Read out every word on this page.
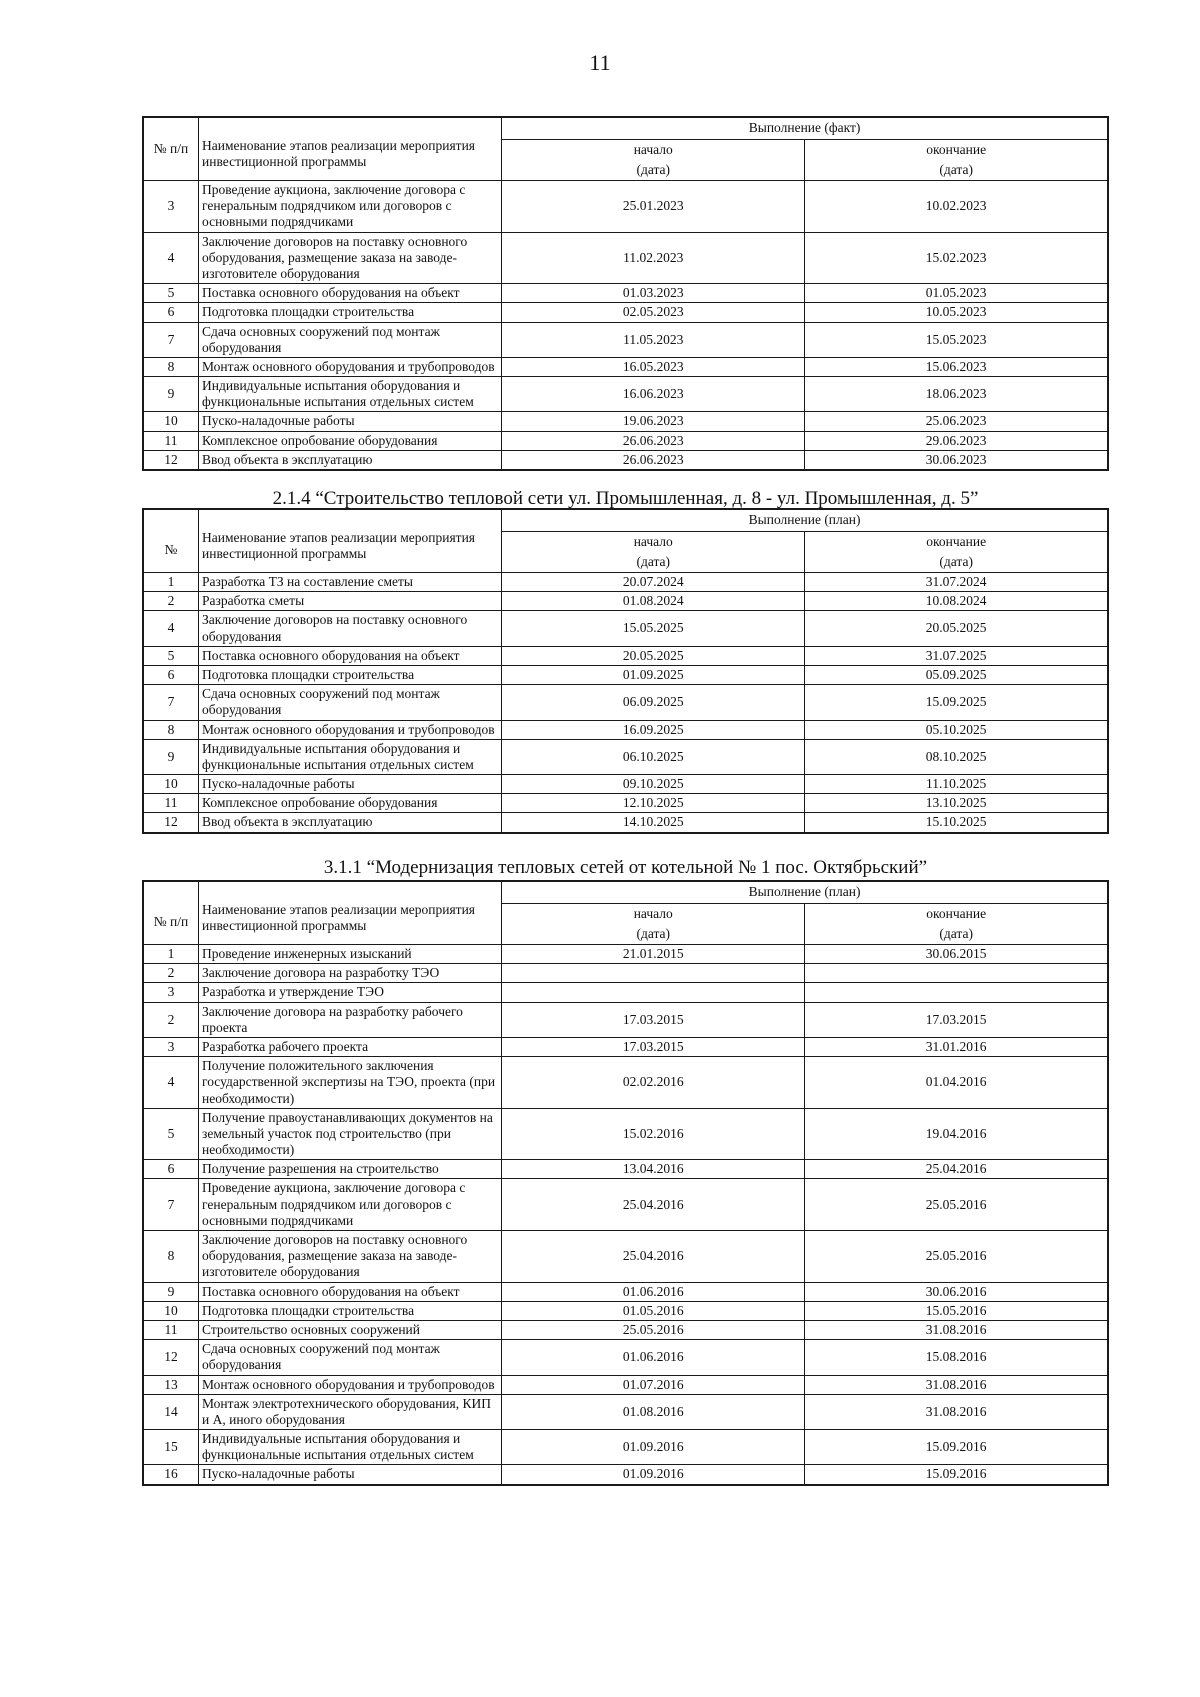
11
№ п/п	Наименование этапов реализации мероприятия инвестиционной программы	Выполнение (факт)	
		начало	окончание
		(дата)	(дата)
3	Проведение аукциона, заключение договора с генеральным подрядчиком или договоров с основными подрядчиками	25.01.2023	10.02.2023
4	Заключение договоров на поставку основного оборудования, размещение заказа на заводе-изготовителе оборудования	11.02.2023	15.02.2023
5	Поставка основного оборудования на объект	01.03.2023	01.05.2023
6	Подготовка площадки строительства	02.05.2023	10.05.2023
7	Сдача основных сооружений под монтаж оборудования	11.05.2023	15.05.2023
8	Монтаж основного оборудования и трубопроводов	16.05.2023	15.06.2023
9	Индивидуальные испытания оборудования и функциональные испытания отдельных систем	16.06.2023	18.06.2023
10	Пуско-наладочные работы	19.06.2023	25.06.2023
11	Комплексное опробование оборудования	26.06.2023	29.06.2023
12	Ввод объекта в эксплуатацию	26.06.2023	30.06.2023
2.1.4 “Строительство тепловой сети ул. Промышленная, д. 8 - ул. Промышленная, д. 5”
№	Наименование этапов реализации мероприятия инвестиционной программы	Выполнение (план)	
		начало	окончание
		(дата)	(дата)
1	Разработка ТЗ на составление сметы	20.07.2024	31.07.2024
2	Разработка сметы	01.08.2024	10.08.2024
4	Заключение договоров на поставку основного оборудования	15.05.2025	20.05.2025
5	Поставка основного оборудования на объект	20.05.2025	31.07.2025
6	Подготовка площадки строительства	01.09.2025	05.09.2025
7	Сдача основных сооружений под монтаж оборудования	06.09.2025	15.09.2025
8	Монтаж основного оборудования и трубопроводов	16.09.2025	05.10.2025
9	Индивидуальные испытания оборудования и функциональные испытания отдельных систем	06.10.2025	08.10.2025
10	Пуско-наладочные работы	09.10.2025	11.10.2025
11	Комплексное опробование оборудования	12.10.2025	13.10.2025
12	Ввод объекта в эксплуатацию	14.10.2025	15.10.2025
3.1.1 “Модернизация тепловых сетей от котельной № 1 пос. Октябрьский”
№ п/п	Наименование этапов реализации мероприятия инвестиционной программы	Выполнение (план)	
		начало	окончание
		(дата)	(дата)
1	Проведение инженерных изысканий	21.01.2015	30.06.2015
2	Заключение договора на разработку ТЭО		
3	Разработка и утверждение ТЭО		
2	Заключение договора на разработку рабочего проекта	17.03.2015	17.03.2015
3	Разработка рабочего проекта	17.03.2015	31.01.2016
4	Получение положительного заключения государственной экспертизы на ТЭО, проекта (при необходимости)	02.02.2016	01.04.2016
5	Получение правоустанавливающих документов на земельный участок под строительство (при необходимости)	15.02.2016	19.04.2016
6	Получение разрешения на строительство	13.04.2016	25.04.2016
7	Проведение аукциона, заключение договора с генеральным подрядчиком или договоров с основными подрядчиками	25.04.2016	25.05.2016
8	Заключение договоров на поставку основного оборудования, размещение заказа на заводе-изготовителе оборудования	25.04.2016	25.05.2016
9	Поставка основного оборудования на объект	01.06.2016	30.06.2016
10	Подготовка площадки строительства	01.05.2016	15.05.2016
11	Строительство основных сооружений	25.05.2016	31.08.2016
12	Сдача основных сооружений под монтаж оборудования	01.06.2016	15.08.2016
13	Монтаж основного оборудования и трубопроводов	01.07.2016	31.08.2016
14	Монтаж электротехнического оборудования, КИП и А, иного оборудования	01.08.2016	31.08.2016
15	Индивидуальные испытания оборудования и функциональные испытания отдельных систем	01.09.2016	15.09.2016
16	Пуско-наладочные работы	01.09.2016	15.09.2016
